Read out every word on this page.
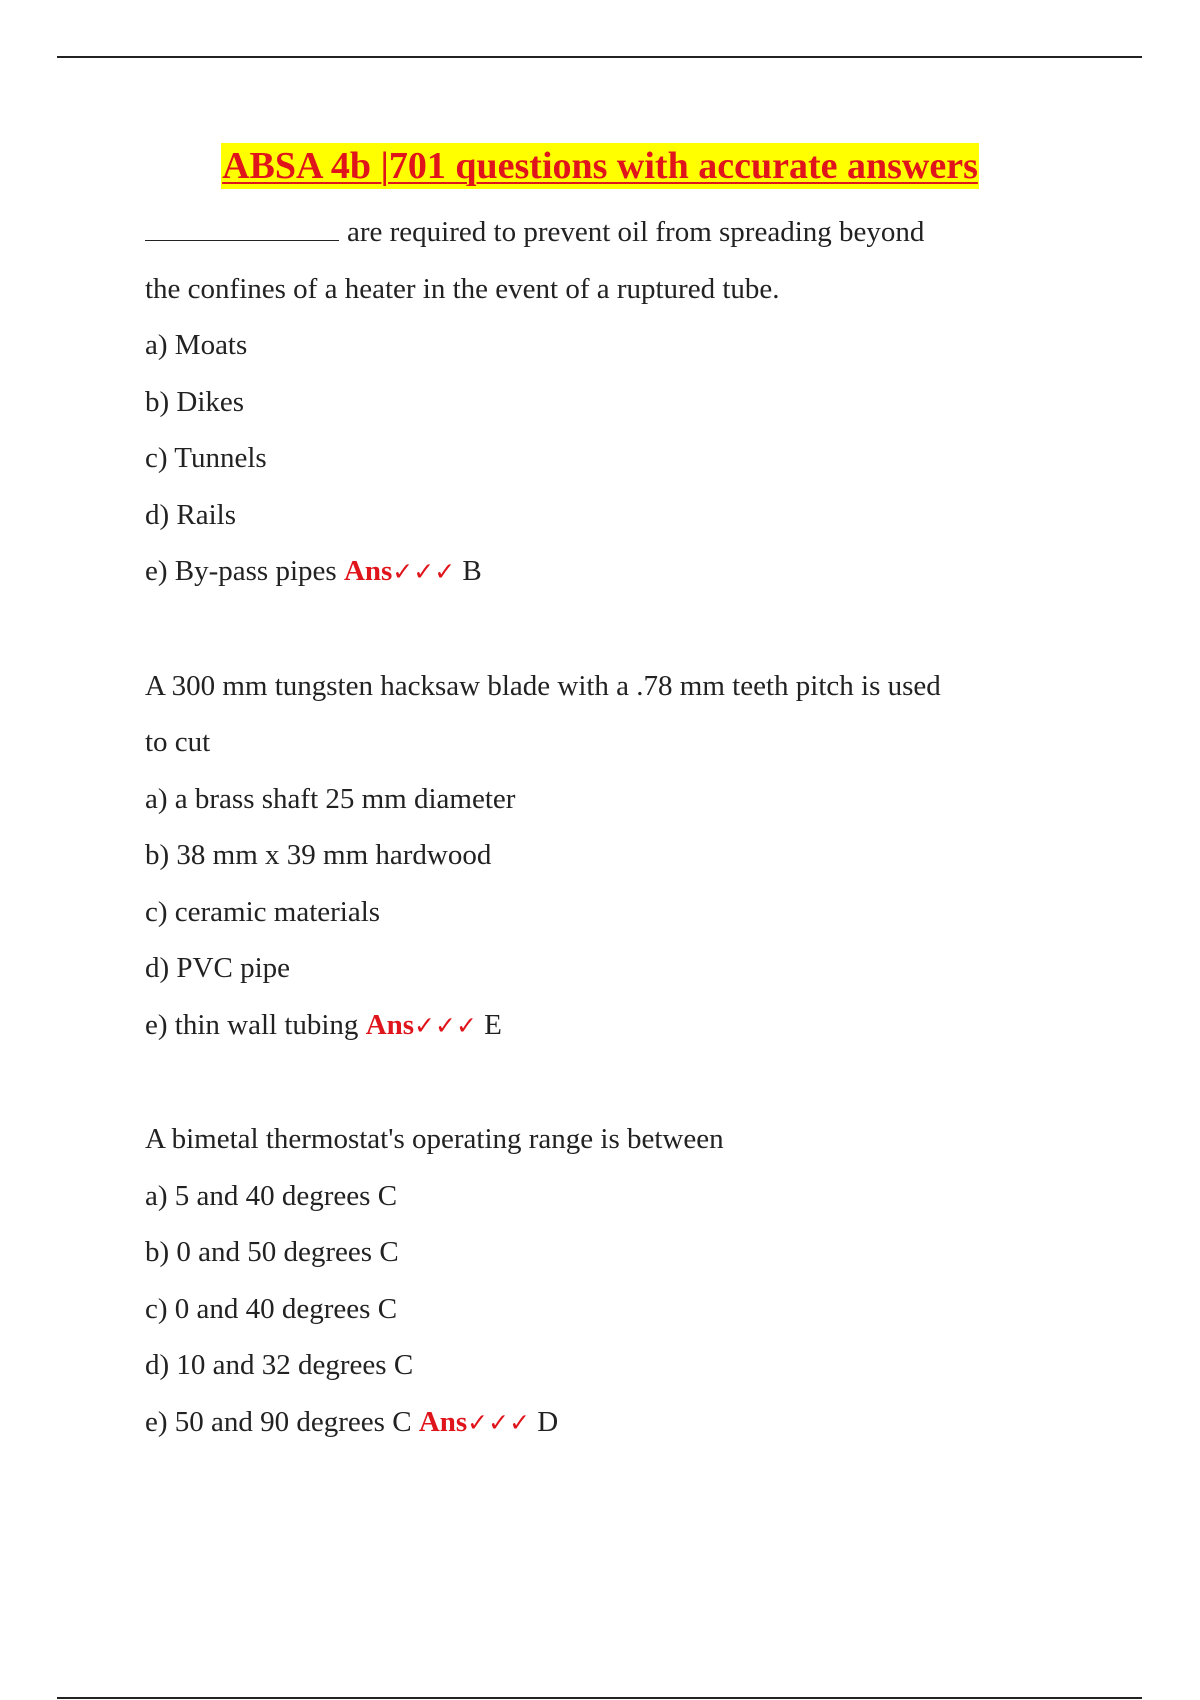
ABSA 4b |701 questions with accurate answers
are required to prevent oil from spreading beyond
the confines of a heater in the event of a ruptured tube.
a) Moats
b) Dikes
c) Tunnels
d) Rails
e) By-pass pipes Ans✓✓✓ B
A 300 mm tungsten hacksaw blade with a .78 mm teeth pitch is used
to cut
a) a brass shaft 25 mm diameter
b) 38 mm x 39 mm hardwood
c) ceramic materials
d) PVC pipe
e) thin wall tubing Ans✓✓✓ E
A bimetal thermostat's operating range is between
a) 5 and 40 degrees C
b) 0 and 50 degrees C
c) 0 and 40 degrees C
d) 10 and 32 degrees C
e) 50 and 90 degrees C Ans✓✓✓ D
